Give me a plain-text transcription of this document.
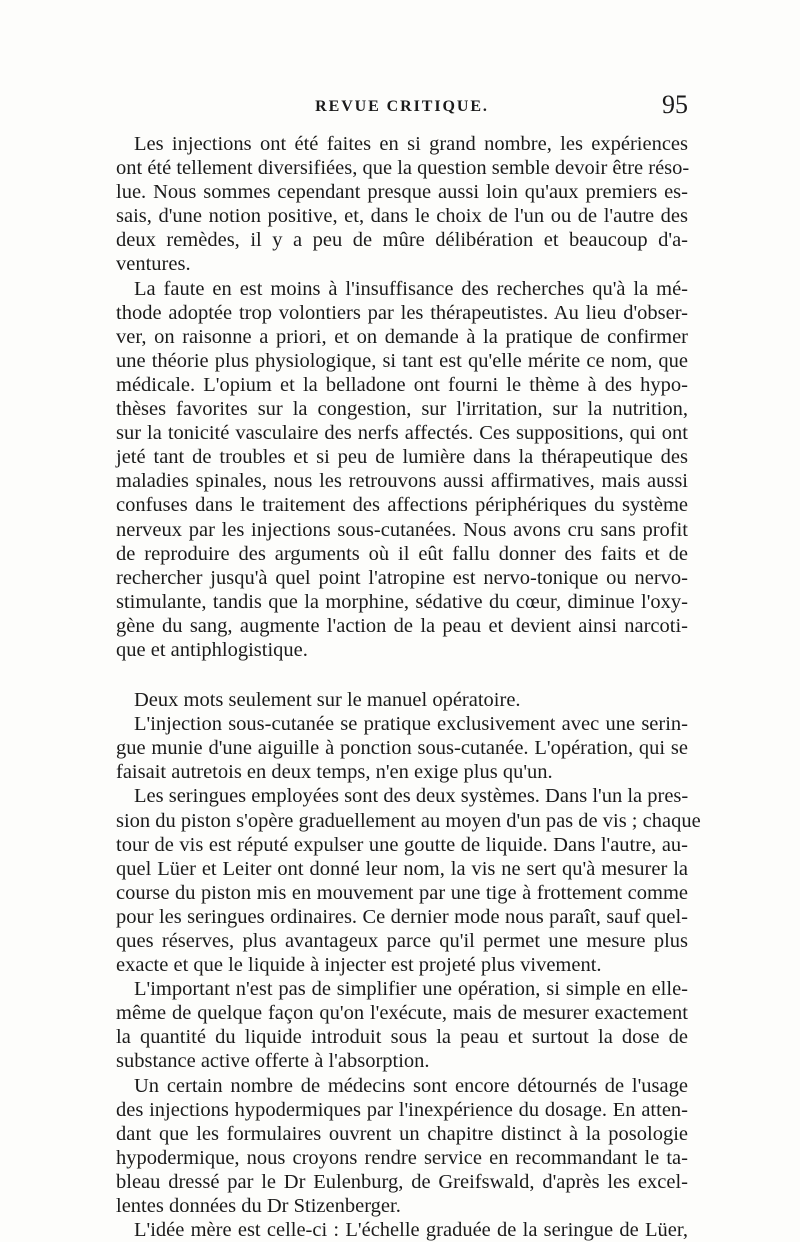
REVUE CRITIQUE.	95
Les injections ont été faites en si grand nombre, les expériences
ont été tellement diversifiées, que la question semble devoir être réso-
lue. Nous sommes cependant presque aussi loin qu'aux premiers es-
sais, d'une notion positive, et, dans le choix de l'un ou de l'autre des
deux remèdes, il y a peu de mûre délibération et beaucoup d'a-
ventures.
La faute en est moins à l'insuffisance des recherches qu'à la mé-
thode adoptée trop volontiers par les thérapeutistes. Au lieu d'obser-
ver, on raisonne a priori, et on demande à la pratique de confirmer
une théorie plus physiologique, si tant est qu'elle mérite ce nom, que
médicale. L'opium et la belladone ont fourni le thème à des hypo-
thèses favorites sur la congestion, sur l'irritation, sur la nutrition,
sur la tonicité vasculaire des nerfs affectés. Ces suppositions, qui ont
jeté tant de troubles et si peu de lumière dans la thérapeutique des
maladies spinales, nous les retrouvons aussi affirmatives, mais aussi
confuses dans le traitement des affections périphériques du système
nerveux par les injections sous-cutanées. Nous avons cru sans profit
de reproduire des arguments où il eût fallu donner des faits et de
rechercher jusqu'à quel point l'atropine est nervo-tonique ou nervo-
stimulante, tandis que la morphine, sédative du cœur, diminue l'oxy-
gène du sang, augmente l'action de la peau et devient ainsi narcoti-
que et antiphlogistique.
Deux mots seulement sur le manuel opératoire.
L'injection sous-cutanée se pratique exclusivement avec une serin-
gue munie d'une aiguille à ponction sous-cutanée. L'opération, qui se
faisait autretois en deux temps, n'en exige plus qu'un.
Les seringues employées sont des deux systèmes. Dans l'un la pres-
sion du piston s'opère graduellement au moyen d'un pas de vis ; chaque
tour de vis est réputé expulser une goutte de liquide. Dans l'autre, au-
quel Lüer et Leiter ont donné leur nom, la vis ne sert qu'à mesurer la
course du piston mis en mouvement par une tige à frottement comme
pour les seringues ordinaires. Ce dernier mode nous paraît, sauf quel-
ques réserves, plus avantageux parce qu'il permet une mesure plus
exacte et que le liquide à injecter est projeté plus vivement.
L'important n'est pas de simplifier une opération, si simple en elle-
même de quelque façon qu'on l'exécute, mais de mesurer exactement
la quantité du liquide introduit sous la peau et surtout la dose de
substance active offerte à l'absorption.
Un certain nombre de médecins sont encore détournés de l'usage
des injections hypodermiques par l'inexpérience du dosage. En atten-
dant que les formulaires ouvrent un chapitre distinct à la posologie
hypodermique, nous croyons rendre service en recommandant le ta-
bleau dressé par le Dr Eulenburg, de Greifswald, d'après les excel-
lentes données du Dr Stizenberger.
L'idée mère est celle-ci : L'échelle graduée de la seringue de Lüer,
